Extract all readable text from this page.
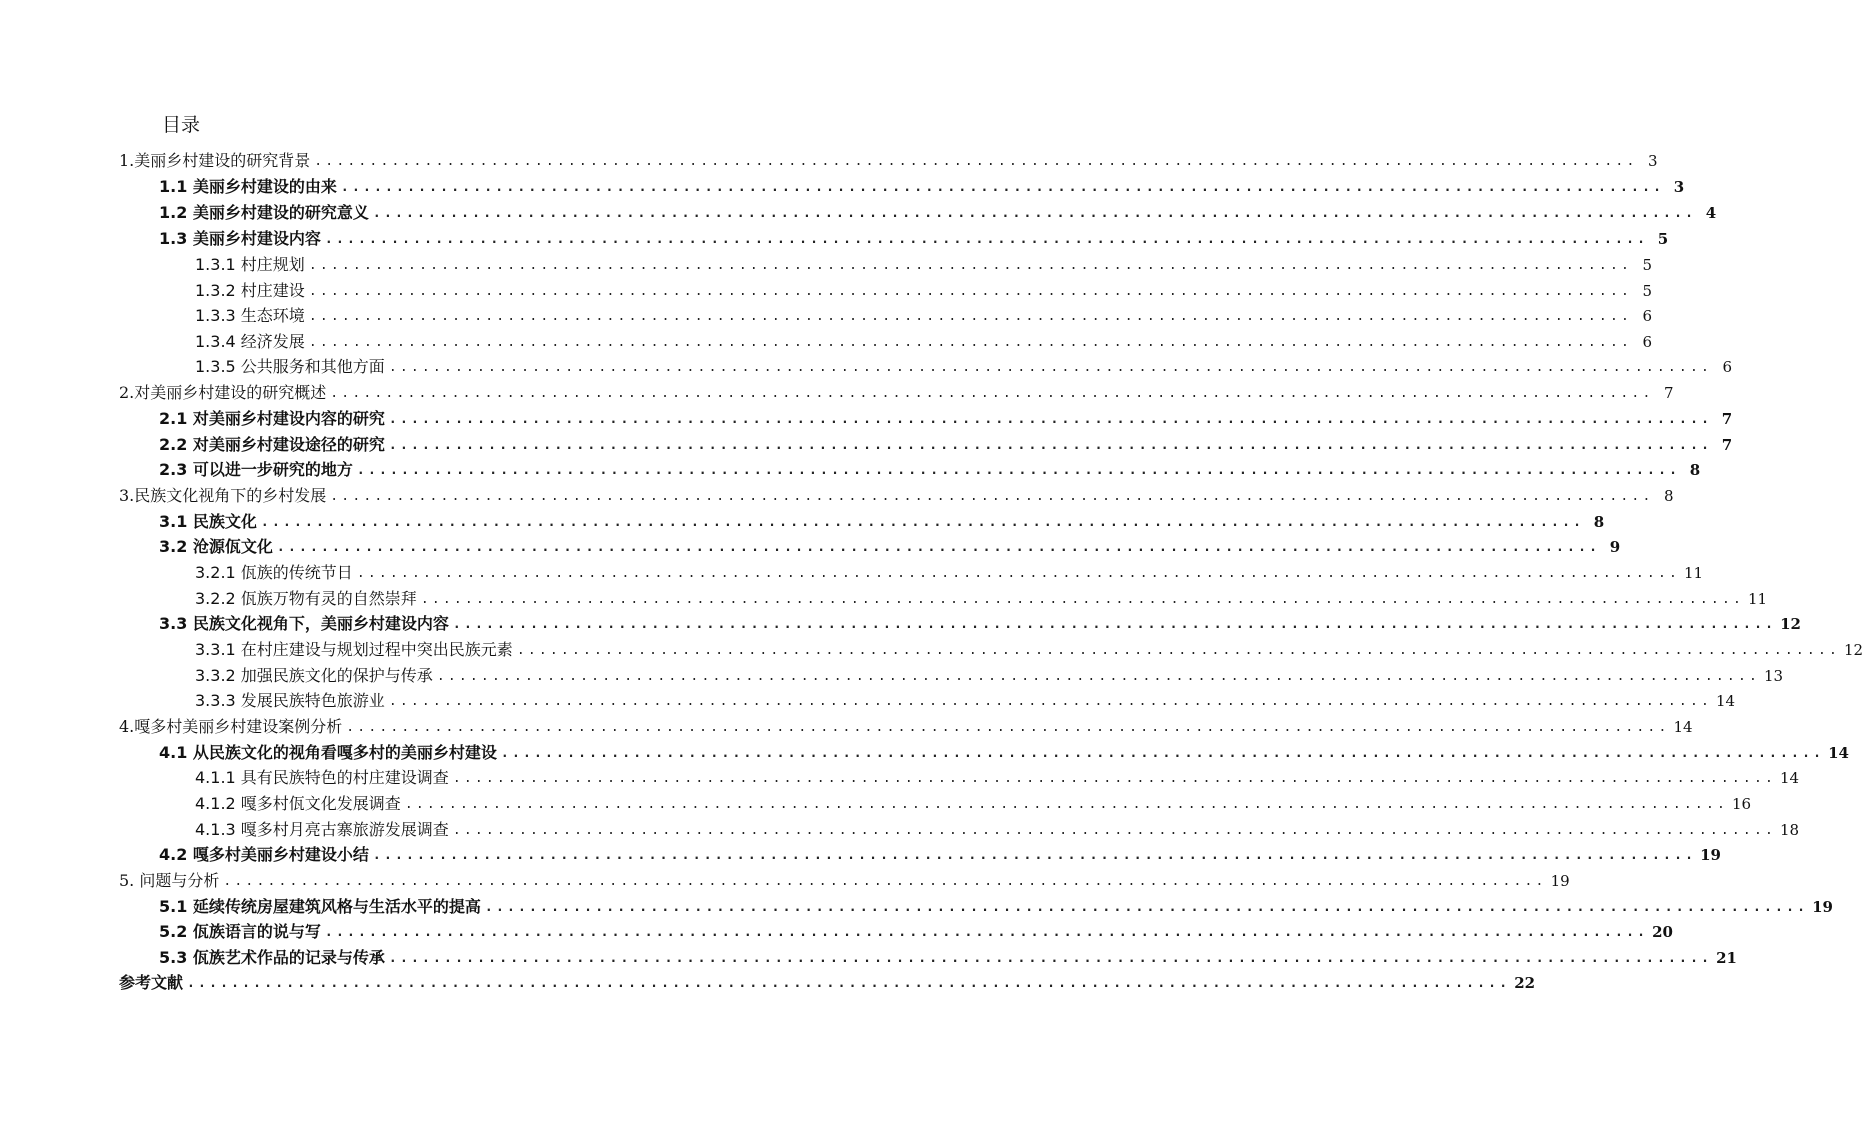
目录
1.美丽乡村建设的研究背景 ........................................................................................................................ 3
1.1 美丽乡村建设的由来 ........................................................................................................................ 3
1.2 美丽乡村建设的研究意义 ........................................................................................................................ 4
1.3 美丽乡村建设内容 ........................................................................................................................ 5
1.3.1 村庄规划 ........................................................................................................................ 5
1.3.2 村庄建设 ........................................................................................................................ 5
1.3.3 生态环境 ........................................................................................................................ 6
1.3.4 经济发展 ........................................................................................................................ 6
1.3.5 公共服务和其他方面 ........................................................................................................................ 6
2.对美丽乡村建设的研究概述 ........................................................................................................................ 7
2.1 对美丽乡村建设内容的研究 ........................................................................................................................ 7
2.2 对美丽乡村建设途径的研究 ........................................................................................................................ 7
2.3 可以进一步研究的地方 ........................................................................................................................ 8
3.民族文化视角下的乡村发展 ........................................................................................................................ 8
3.1 民族文化 ........................................................................................................................ 8
3.2 沧源佤文化 ........................................................................................................................ 9
3.2.1 佤族的传统节日 ........................................................................................................................ 11
3.2.2 佤族万物有灵的自然崇拜 ........................................................................................................................ 11
3.3 民族文化视角下，美丽乡村建设内容 ........................................................................................................................ 12
3.3.1 在村庄建设与规划过程中突出民族元素 ........................................................................................................................ 12
3.3.2 加强民族文化的保护与传承 ........................................................................................................................ 13
3.3.3 发展民族特色旅游业 ........................................................................................................................ 14
4.嘎多村美丽乡村建设案例分析 ........................................................................................................................ 14
4.1 从民族文化的视角看嘎多村的美丽乡村建设 ........................................................................................................................ 14
4.1.1 具有民族特色的村庄建设调查 ........................................................................................................................ 14
4.1.2 嘎多村佤文化发展调查 ........................................................................................................................ 16
4.1.3 嘎多村月亮古寨旅游发展调查 ........................................................................................................................ 18
4.2 嘎多村美丽乡村建设小结 ........................................................................................................................ 19
5. 问题与分析 ........................................................................................................................ 19
5.1 延续传统房屋建筑风格与生活水平的提高 ........................................................................................................................ 19
5.2 佤族语言的说与写 ........................................................................................................................ 20
5.3 佤族艺术作品的记录与传承 ........................................................................................................................ 21
参考文献 ........................................................................................................................ 22
